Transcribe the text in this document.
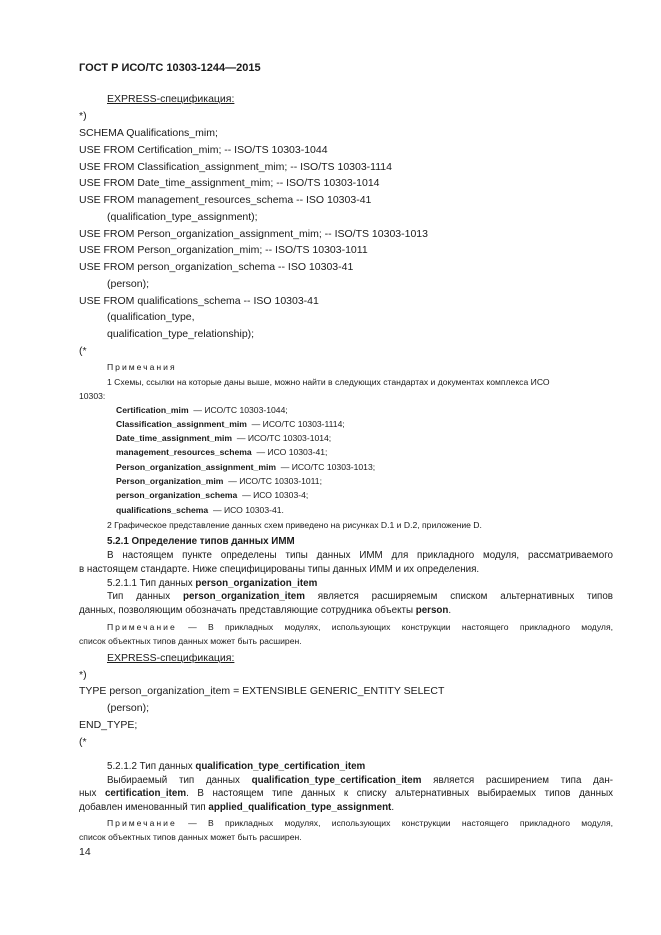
ГОСТ Р ИСО/ТС 10303-1244—2015
EXPRESS-спецификация:
*)
SCHEMA Qualifications_mim;
USE FROM Certification_mim; -- ISO/TS 10303-1044
USE FROM Classification_assignment_mim; -- ISO/TS 10303-1114
USE FROM Date_time_assignment_mim; -- ISO/TS 10303-1014
USE FROM management_resources_schema -- ISO 10303-41
(qualification_type_assignment);
USE FROM Person_organization_assignment_mim; -- ISO/TS 10303-1013
USE FROM Person_organization_mim; -- ISO/TS 10303-1011
USE FROM person_organization_schema -- ISO 10303-41
(person);
USE FROM qualifications_schema -- ISO 10303-41
(qualification_type,
qualification_type_relationship);
(*
Примечания
1 Схемы, ссылки на которые даны выше, можно найти в следующих стандартах и документах комплекса ИСО
10303:
Certification_mim — ИСО/ТС 10303-1044;
Classification_assignment_mim — ИСО/ТС 10303-1114;
Date_time_assignment_mim — ИСО/ТС 10303-1014;
management_resources_schema — ИСО 10303-41;
Person_organization_assignment_mim — ИСО/ТС 10303-1013;
Person_organization_mim — ИСО/ТС 10303-1011;
person_organization_schema — ИСО 10303-4;
qualifications_schema — ИСО 10303-41.
2 Графическое представление данных схем приведено на рисунках D.1 и D.2, приложение D.
5.2.1 Определение типов данных ИММ
В настоящем пункте определены типы данных ИММ для прикладного модуля, рассматриваемого
в настоящем стандарте. Ниже специфицированы типы данных ИММ и их определения.
5.2.1.1 Тип данных person_organization_item
Тип данных person_organization_item является расширяемым списком альтернативных типов
данных, позволяющим обозначать представляющие сотрудника объекты person.
Примечание — В прикладных модулях, использующих конструкции настоящего прикладного модуля,
список объектных типов данных может быть расширен.
EXPRESS-спецификация:
*)
TYPE person_organization_item = EXTENSIBLE GENERIC_ENTITY SELECT
(person);
END_TYPE;
(*
5.2.1.2 Тип данных qualification_type_certification_item
Выбираемый тип данных qualification_type_certification_item является расширением типа дан-
ных certification_item. В настоящем типе данных к списку альтернативных выбираемых типов данных
добавлен именованный тип applied_qualification_type_assignment.
Примечание — В прикладных модулях, использующих конструкции настоящего прикладного модуля,
список объектных типов данных может быть расширен.
14
